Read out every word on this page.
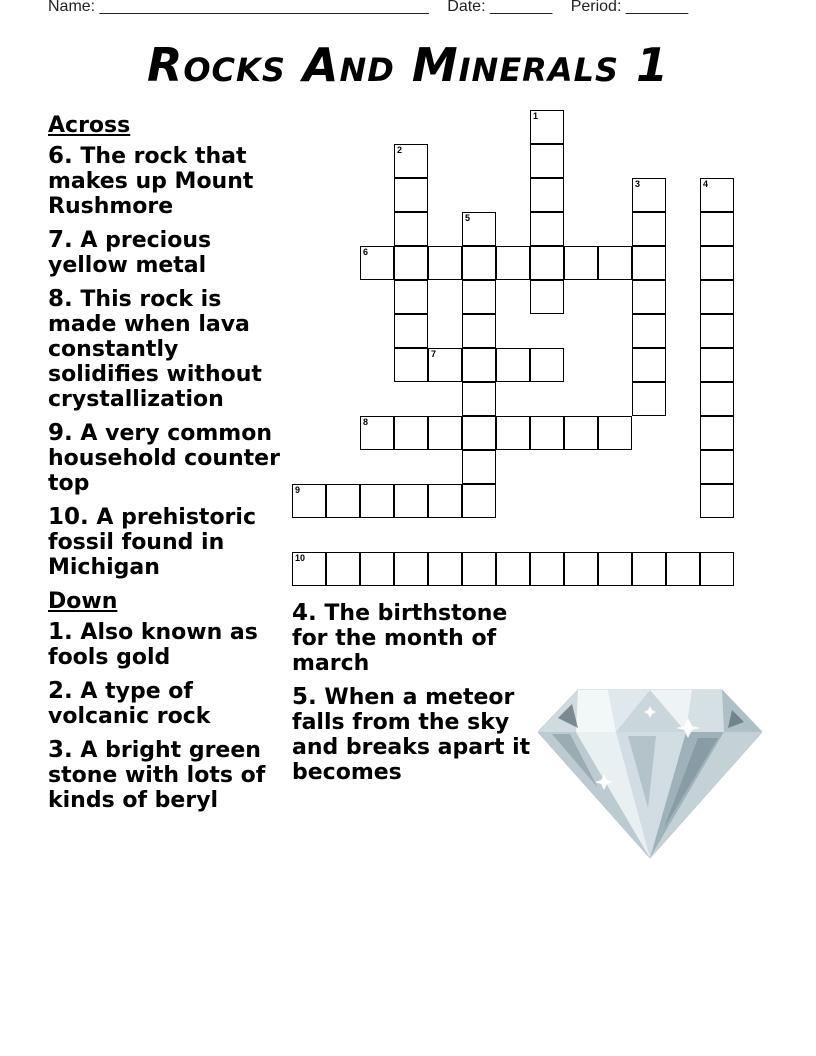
Name: _____________________________________ Date: _______ Period: _______
Rocks And Minerals 1
Across
6. The rock that makes up Mount Rushmore
7. A precious yellow metal
8. This rock is made when lava constantly solidifies without crystallization
9. A very common household counter top
10. A prehistoric fossil found in Michigan
Down
1. Also known as fools gold
2. A type of volcanic rock
3. A bright green stone with lots of kinds of beryl
4. The birthstone for the month of march
5. When a meteor falls from the sky and breaks apart it becomes
1
2
3	4
5
6
7
8
9
10
